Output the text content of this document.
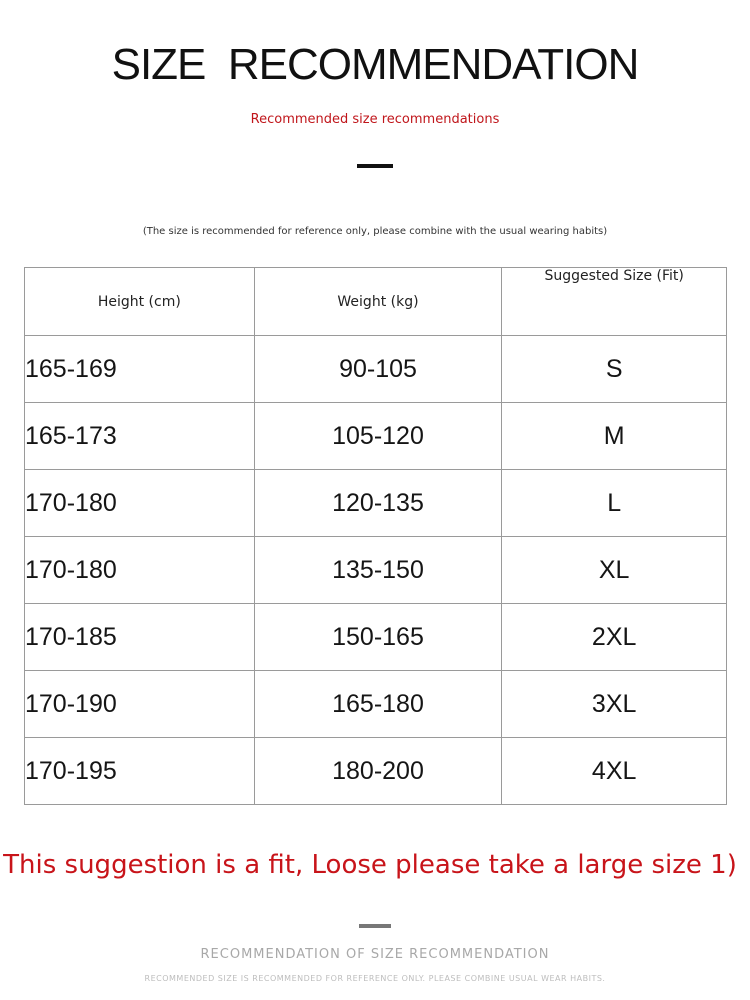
SIZE  RECOMMENDATION
Recommended size recommendations
(The size is recommended for reference only, please combine with the usual wearing habits)
Height (cm)	Weight (kg)	Suggested Size (Fit)
165-169	90-105	S
165-173	105-120	M
170-180	120-135	L
170-180	135-150	XL
170-185	150-165	2XL
170-190	165-180	3XL
170-195	180-200	4XL
This suggestion is a fit, Loose please take a large size 1)
RECOMMENDATION OF SIZE RECOMMENDATION
RECOMMENDED SIZE IS RECOMMENDED FOR REFERENCE ONLY. PLEASE COMBINE USUAL WEAR HABITS.
